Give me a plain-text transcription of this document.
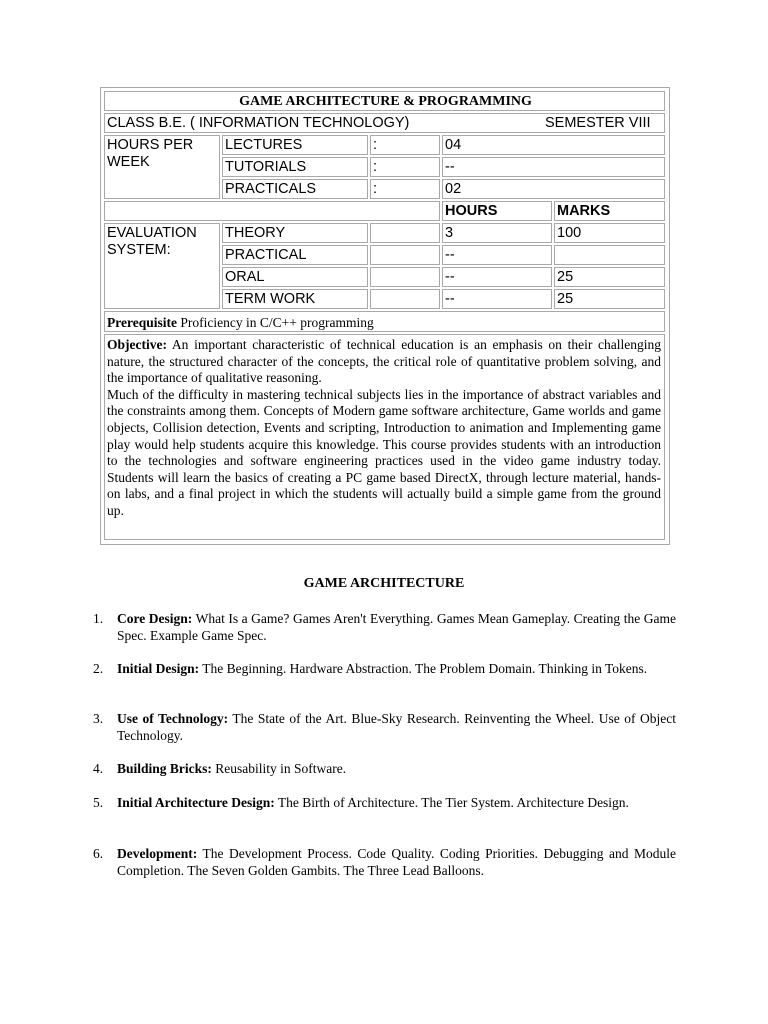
GAME ARCHITECTURE & PROGRAMMING
CLASS B.E. ( INFORMATION TECHNOLOGY)	SEMESTER VIII
HOURS PER WEEK
LECTURES	:	04
TUTORIALS	:	--
PRACTICALS	:	02
HOURS	MARKS
EVALUATION SYSTEM:
THEORY	3	100
PRACTICAL	--
ORAL	--	25
TERM WORK	--	25
Prerequisite Proficiency in C/C++ programming
Objective: An important characteristic of technical education is an emphasis on their challenging nature, the structured character of the concepts, the critical role of quantitative problem solving, and the importance of qualitative reasoning.
Much of the difficulty in mastering technical subjects lies in the importance of abstract variables and the constraints among them. Concepts of Modern game software architecture, Game worlds and game objects, Collision detection, Events and scripting, Introduction to animation and Implementing game play would help students acquire this knowledge. This course provides students with an introduction to the technologies and software engineering practices used in the video game industry today. Students will learn the basics of creating a PC game based DirectX, through lecture material, hands-on labs, and a final project in which the students will actually build a simple game from the ground up.
GAME ARCHITECTURE
1. Core Design: What Is a Game? Games Aren't Everything. Games Mean Gameplay. Creating the Game Spec. Example Game Spec.
2. Initial Design: The Beginning. Hardware Abstraction. The Problem Domain. Thinking in Tokens.
3. Use of Technology: The State of the Art. Blue-Sky Research. Reinventing the Wheel. Use of Object Technology.
4. Building Bricks: Reusability in Software.
5. Initial Architecture Design: The Birth of Architecture. The Tier System. Architecture Design.
6. Development: The Development Process. Code Quality. Coding Priorities. Debugging and Module Completion. The Seven Golden Gambits. The Three Lead Balloons.
